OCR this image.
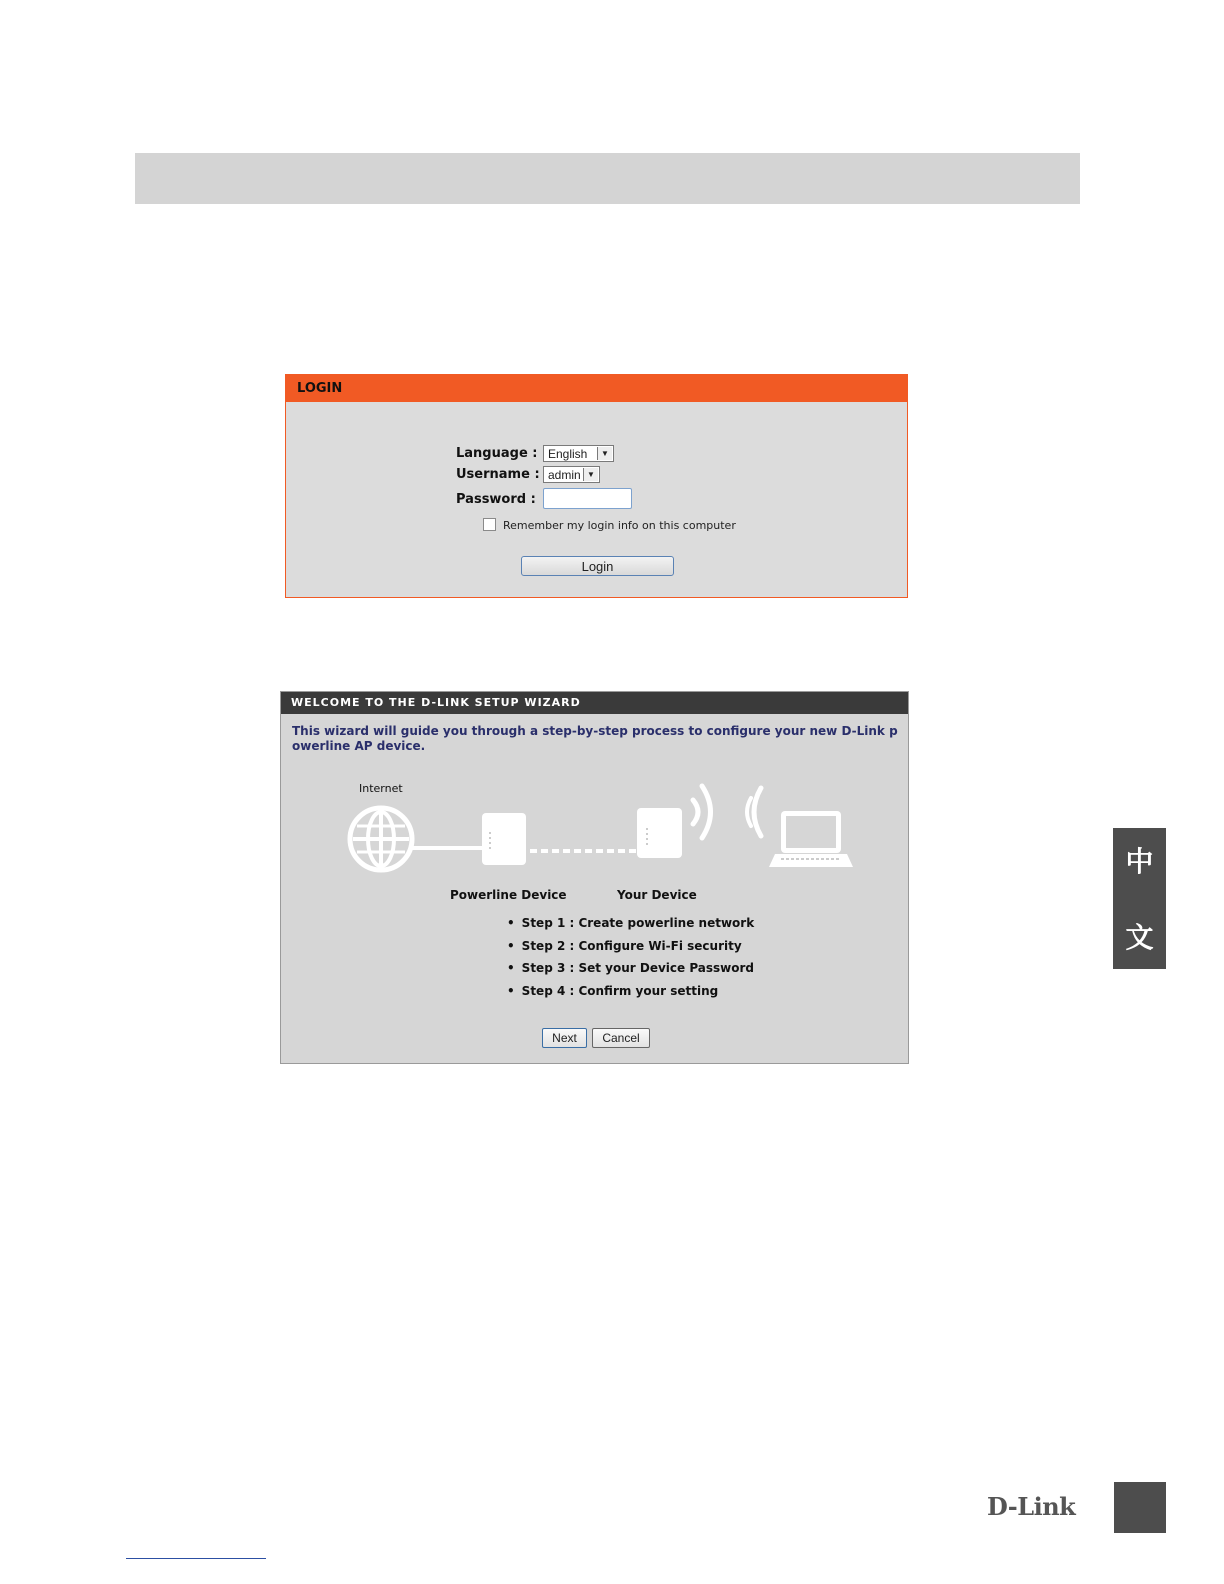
LOGIN
Language : English	▼
Username : admin ▼
Password :
Remember my login info on this computer
Login
WELCOME TO THE D-LINK SETUP WIZARD
This wizard will guide you through a step-by-step process to configure your new D-Link powerline AP device.
Internet
Powerline Device	Your Device
• Step 1 : Create powerline network
• Step 2 : Configure Wi-Fi security
• Step 3 : Set your Device Password
• Step 4 : Confirm your setting
Next	Cancel
中
文
D-Link
